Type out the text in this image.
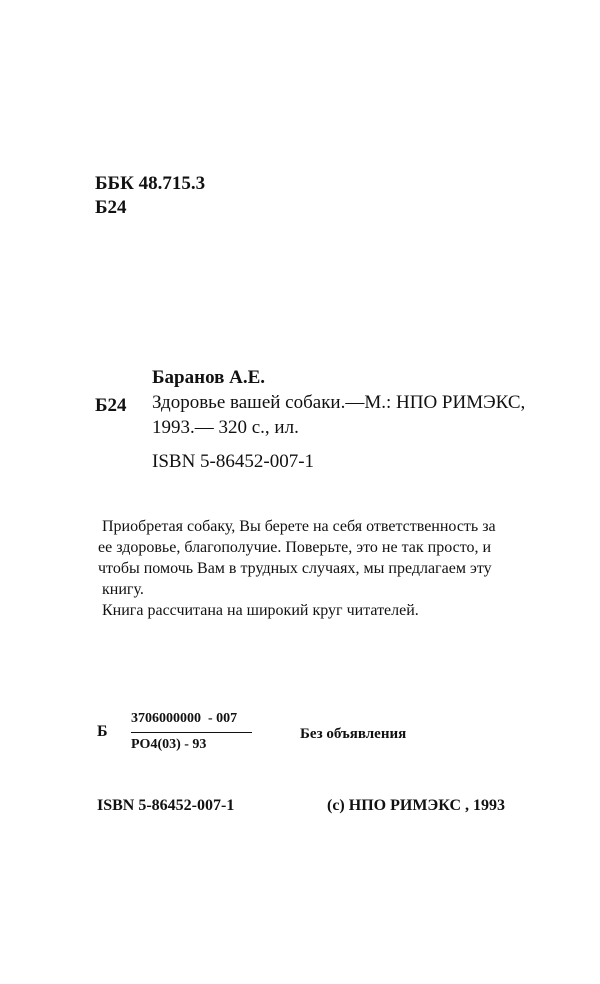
ББК 48.715.3
Б24
Б24
Баранов А.Е.
Здоровье вашей собаки.—М.: НПО РИМЭКС,
1993.— 320 с., ил.
ISBN 5-86452-007-1
Приобретая собаку, Вы берете на себя ответственность за
ее здоровье, благополучие. Поверьте, это не так просто, и
чтобы помочь Вам в трудных случаях, мы предлагаем эту
книгу.
Книга рассчитана на широкий круг читателей.
Б
3706000000  - 007
PO4(03) - 93
Без объявления
ISBN 5-86452-007-1	(с) НПО РИМЭКС , 1993
